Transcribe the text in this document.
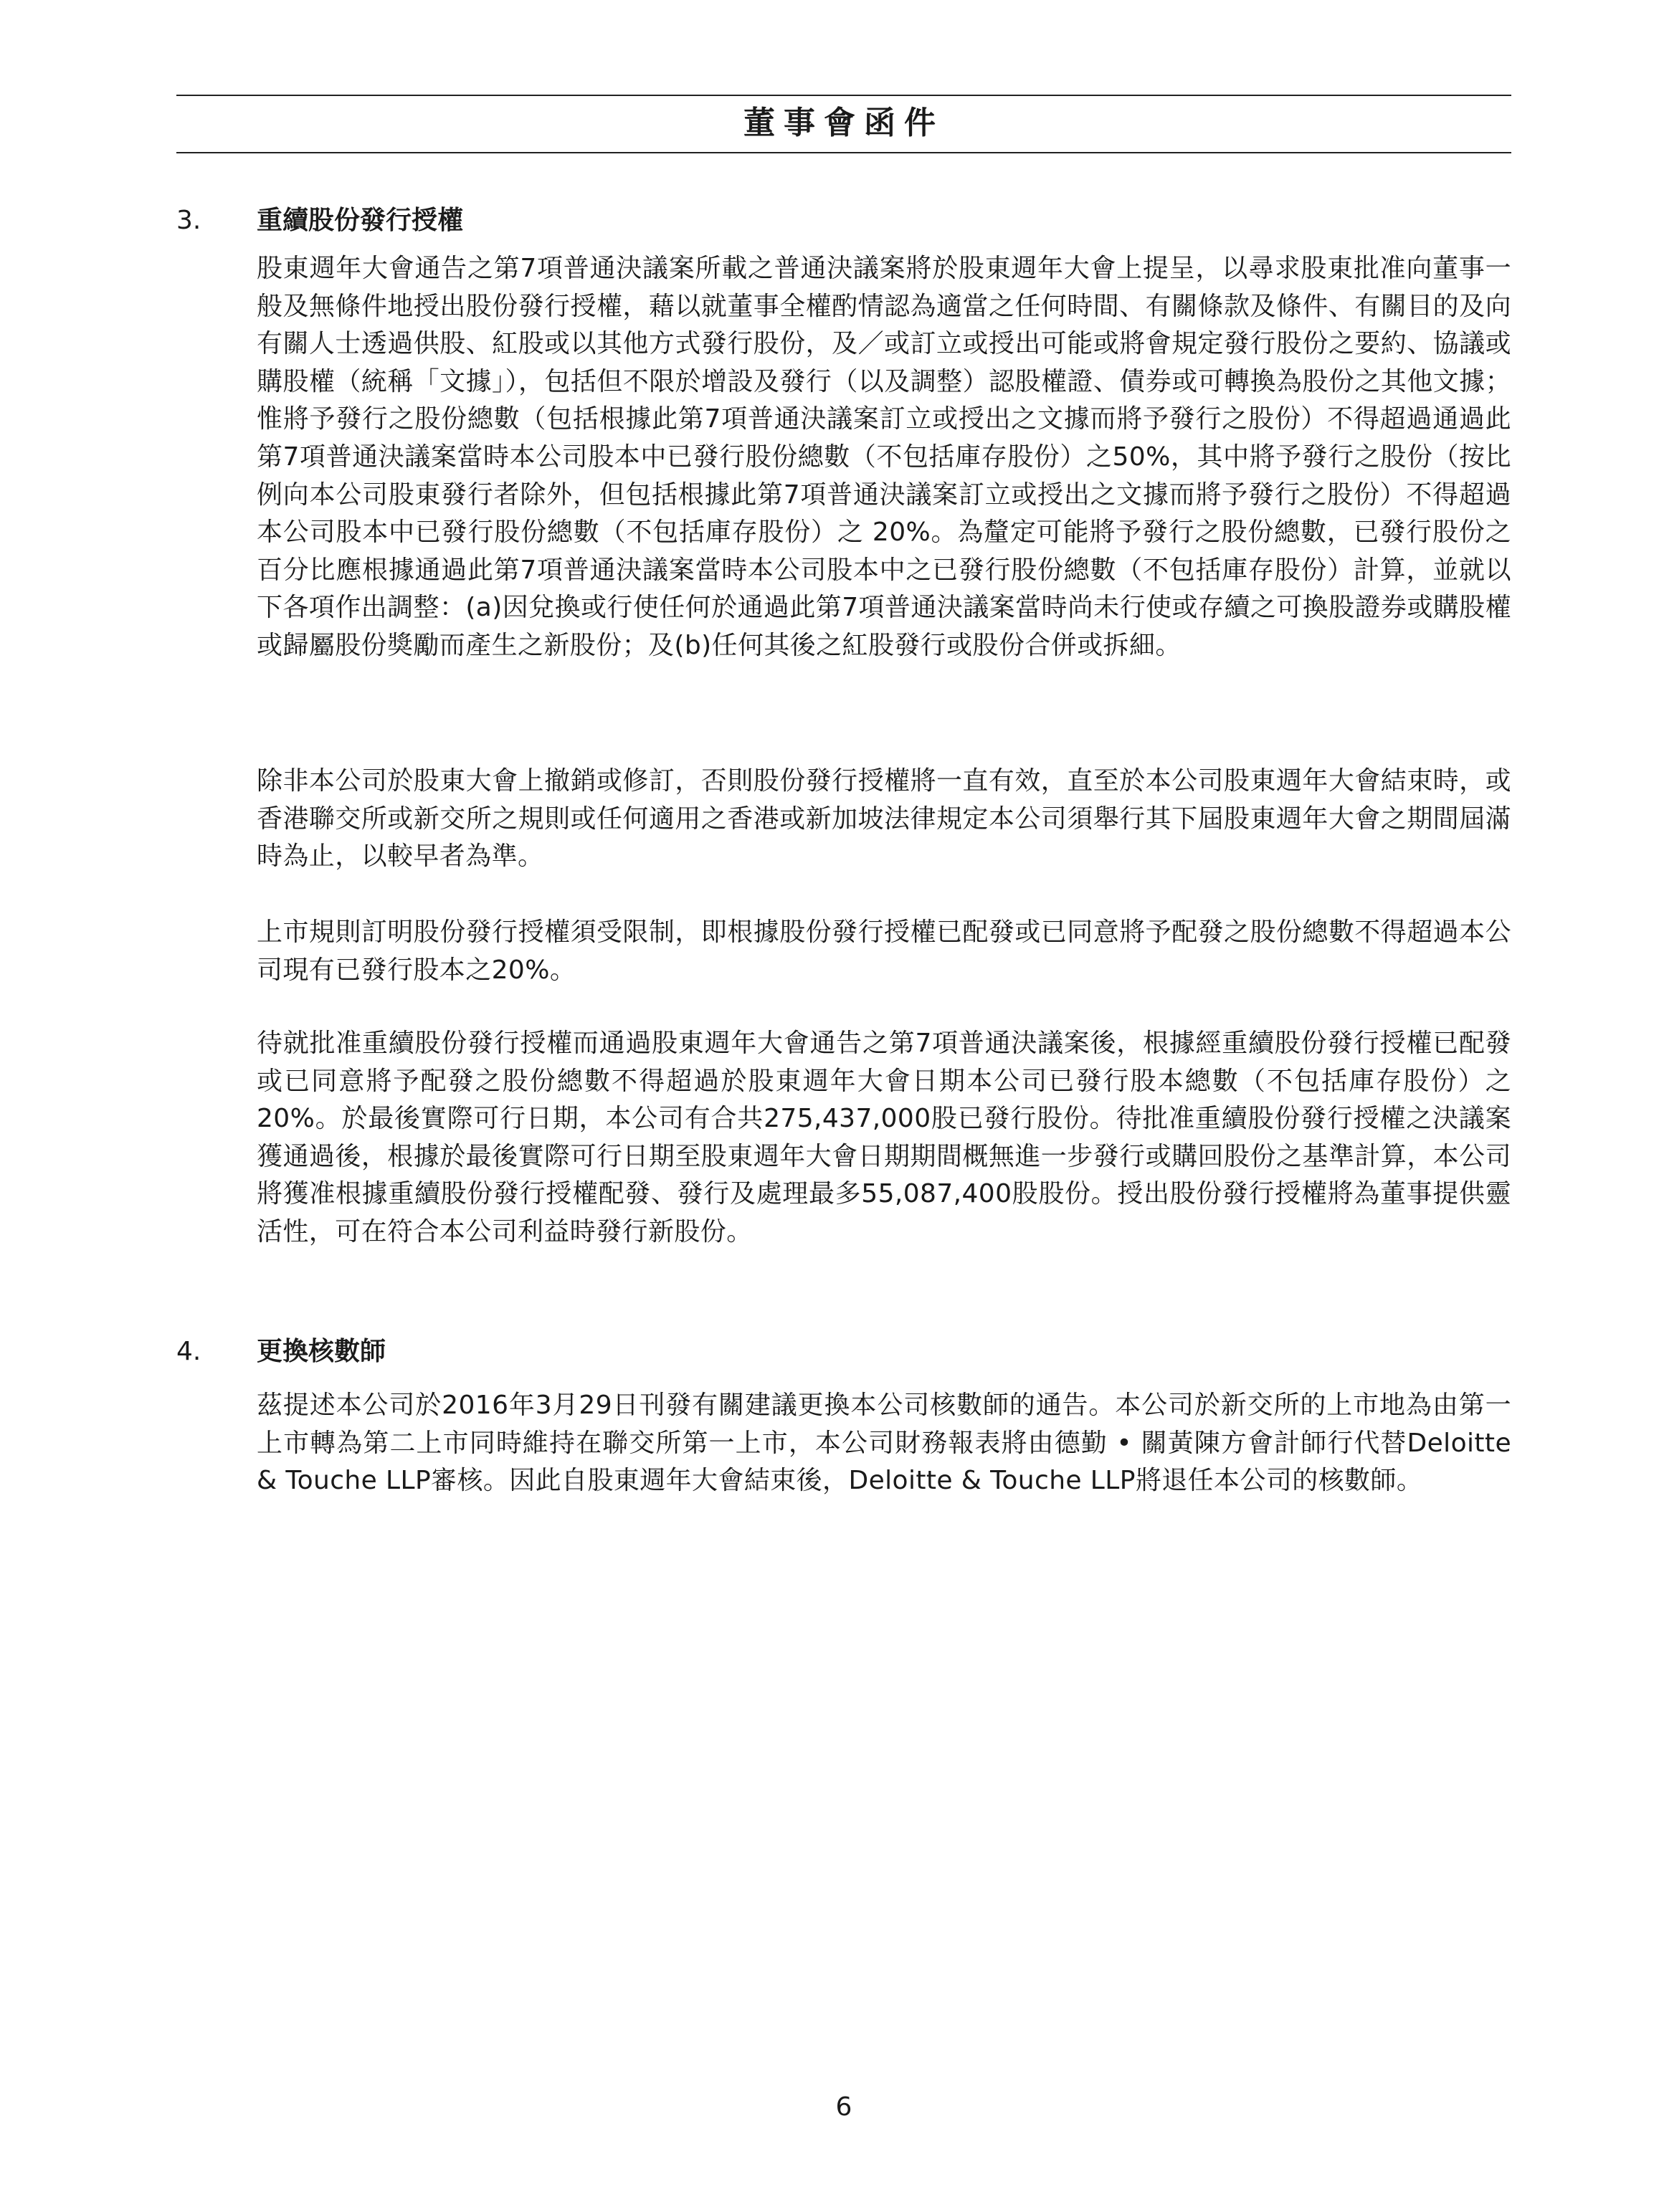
董事會函件
3. 重續股份發行授權

股東週年大會通告之第7項普通決議案所載之普通決議案將於股東週年大會上提呈，以尋求股東批准向董事一般及無條件地授出股份發行授權，藉以就董事全權酌情認為適當之任何時間、有關條款及條件、有關目的及向有關人士透過供股、紅股或以其他方式發行股份，及／或訂立或授出可能或將會規定發行股份之要約、協議或購股權（統稱「文據」），包括但不限於增設及發行（以及調整）認股權證、債券或可轉換為股份之其他文據；惟將予發行之股份總數（包括根據此第7項普通決議案訂立或授出之文據而將予發行之股份）不得超過通過此第7項普通決議案當時本公司股本中已發行股份總數（不包括庫存股份）之50%，其中將予發行之股份（按比例向本公司股東發行者除外，但包括根據此第7項普通決議案訂立或授出之文據而將予發行之股份）不得超過本公司股本中已發行股份總數（不包括庫存股份）之 20%。為釐定可能將予發行之股份總數，已發行股份之百分比應根據通過此第7項普通決議案當時本公司股本中之已發行股份總數（不包括庫存股份）計算，並就以下各項作出調整：(a)因兌換或行使任何於通過此第7項普通決議案當時尚未行使或存續之可換股證券或購股權或歸屬股份獎勵而產生之新股份；及(b)任何其後之紅股發行或股份合併或拆細。

除非本公司於股東大會上撤銷或修訂，否則股份發行授權將一直有效，直至於本公司股東週年大會結束時，或香港聯交所或新交所之規則或任何適用之香港或新加坡法律規定本公司須舉行其下屆股東週年大會之期間屆滿時為止，以較早者為準。

上市規則訂明股份發行授權須受限制，即根據股份發行授權已配發或已同意將予配發之股份總數不得超過本公司現有已發行股本之20%。

待就批准重續股份發行授權而通過股東週年大會通告之第7項普通決議案後，根據經重續股份發行授權已配發或已同意將予配發之股份總數不得超過於股東週年大會日期本公司已發行股本總數（不包括庫存股份）之20%。於最後實際可行日期，本公司有合共275,437,000股已發行股份。待批准重續股份發行授權之決議案獲通過後，根據於最後實際可行日期至股東週年大會日期期間概無進一步發行或購回股份之基準計算，本公司將獲准根據重續股份發行授權配發、發行及處理最多55,087,400股股份。授出股份發行授權將為董事提供靈活性，可在符合本公司利益時發行新股份。

4. 更換核數師

茲提述本公司於2016年3月29日刊發有關建議更換本公司核數師的通告。本公司於新交所的上市地為由第一上市轉為第二上市同時維持在聯交所第一上市，本公司財務報表將由德勤 • 關黃陳方會計師行代替Deloitte & Touche LLP審核。因此自股東週年大會結束後，Deloitte & Touche LLP將退任本公司的核數師。

6
